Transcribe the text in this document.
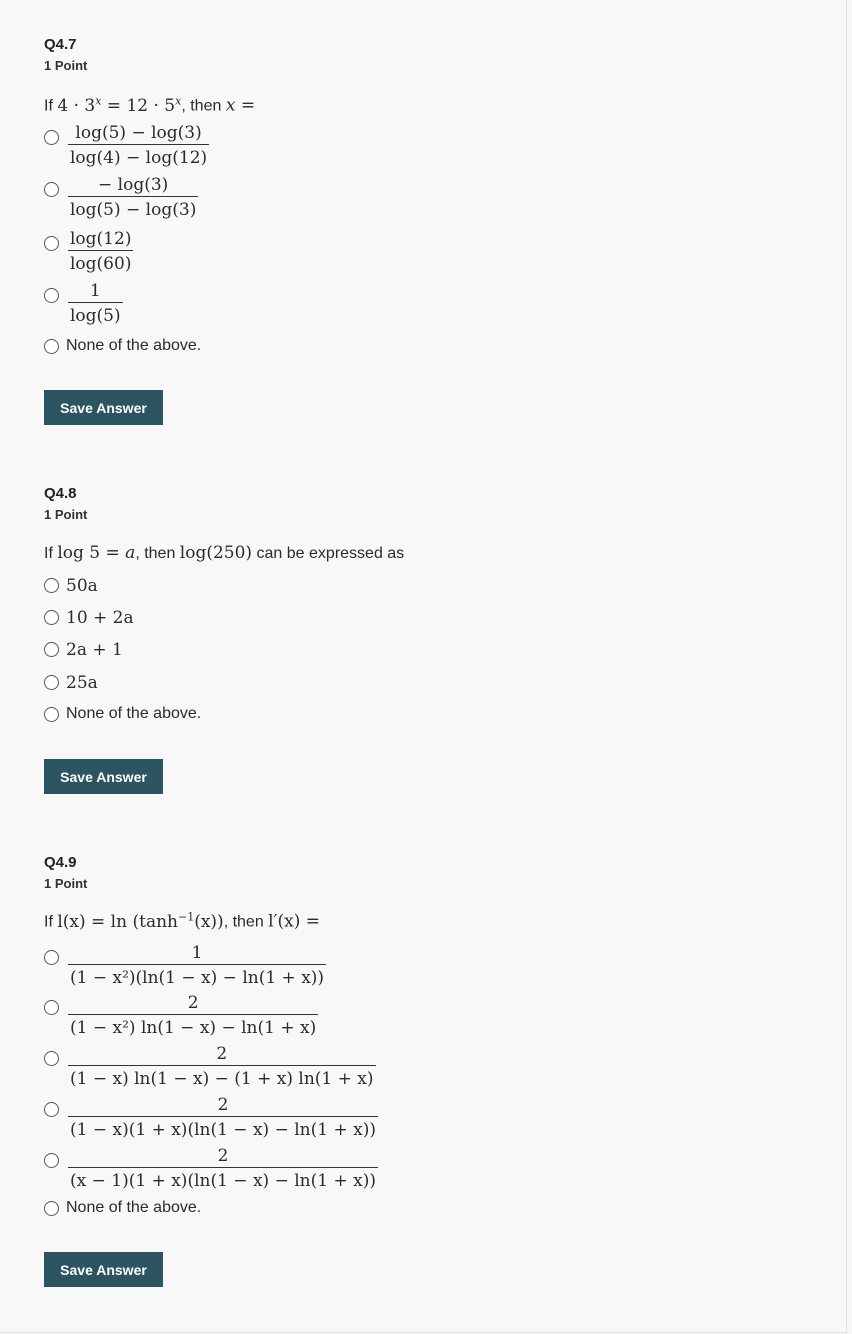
Q4.7
1 Point
If $4 \cdot 3^x = 12 \cdot 5^x$, then x =
$\frac{\log(5) - \log(3)}{\log(4) - \log(12)}$
$\frac{- \log(3)}{\log(5) - \log(3)}$
$\frac{\log(12)}{\log(60)}$
$\frac{1}{\log(5)}$
None of the above.
Save Answer
Q4.8
1 Point
If log 5 = a, then log(250) can be expressed as
50a
10 + 2a
2a + 1
25a
None of the above.
Save Answer
Q4.9
1 Point
If $l(x) = \ln (\tanh^{-1}(x))$, then l′(x) =
$\frac{1}{\text{(1 − x²)(ln(1 − x) − ln(1 + x))}}$
$\frac{2}{\text{(1 − x²) ln(1 − x) − ln(1 + x)}}$
$\frac{2}{(1 - x) \ln(1 - x) - (1 + x) \ln(1 + x)}$
$\frac{2}{(1 - x)(1 + x)(\ln(1 - x) - \ln(1 + x))}$
$\frac{2}{(x - 1)(1 + x)(\ln(1 - x) - \ln(1 + x))}$
None of the above.
Save Answer
